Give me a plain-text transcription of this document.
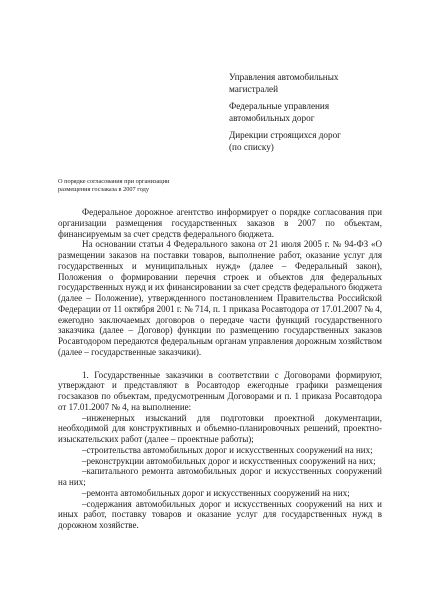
Управления автомобильных
магистралей
Федеральные управления
автомобильных дорог
Дирекции строящихся дорог
(по списку)
О порядке согласования при организации
размещения госзаказа в 2007 году

Федеральное дорожное агентство информирует о порядке согласования при организации размещения государственных заказов в 2007 по объектам, финансируемым за счет средств федерального бюджета.

На основании статьи 4 Федерального закона от 21 июля 2005 г. № 94-ФЗ «О размещении заказов на поставки товаров, выполнение работ, оказание услуг для государственных и муниципальных нужд» (далее – Федеральный закон), Положения о формировании перечня строек и объектов для федеральных государственных нужд и их финансировании за счет средств федерального бюджета (далее – Положение), утвержденного постановлением Правительства Российской Федерации от 11 октября 2001 г. № 714, п. 1 приказа Росавтодора от 17.01.2007 № 4, ежегодно заключаемых договоров о передаче части функций государственного заказчика (далее – Договор) функции по размещению государственных заказов Росавтодором передаются федеральным органам управления дорожным хозяйством (далее – государственные заказчики).

1. Государственные заказчики в соответствии с Договорами формируют, утверждают и представляют в Росавтодор ежегодные графики размещения госзаказов по объектам, предусмотренным Договорами и п. 1 приказа Росавтодора от 17.01.2007 № 4, на выполнение:

–инженерных изысканий для подготовки проектной документации, необходимой для конструктивных и объемно-планировочных решений, проектно-изыскательских работ (далее – проектные работы);

–строительства автомобильных дорог и искусственных сооружений на них;

–реконструкции автомобильных дорог и искусственных сооружений на них;

–капитального ремонта автомобильных дорог и искусственных сооружений на них;

–ремонта автомобильных дорог и искусственных сооружений на них;

–содержания автомобильных дорог и искусственных сооружений на них и иных работ, поставку товаров и оказание услуг для государственных нужд в дорожном хозяйстве.
